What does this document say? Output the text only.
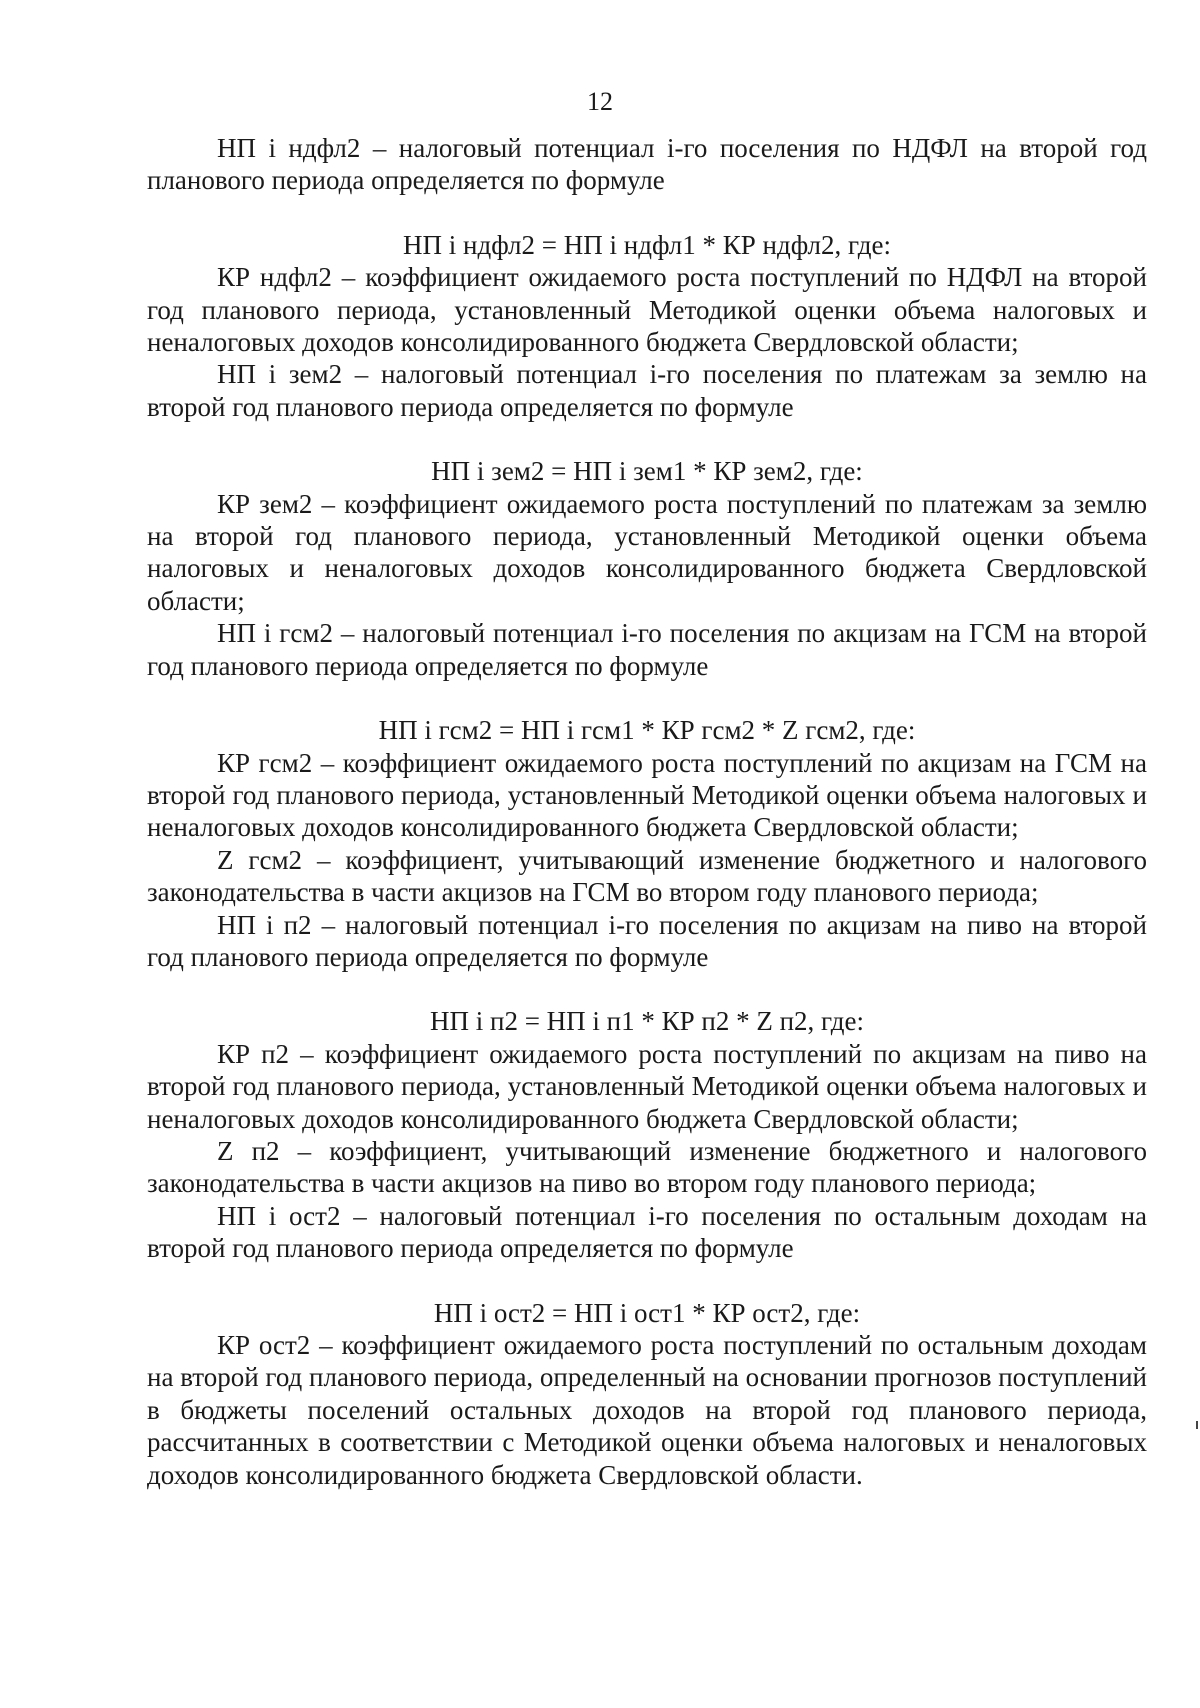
12

НП i ндфл2 – налоговый потенциал i-го поселения по НДФЛ на второй год планового периода определяется по формуле

НП i ндфл2 = НП i ндфл1 * КР ндфл2, где:

КР ндфл2 – коэффициент ожидаемого роста поступлений по НДФЛ на второй год планового периода, установленный Методикой оценки объема налоговых и неналоговых доходов консолидированного бюджета Свердловской области;

НП i зем2 – налоговый потенциал i-го поселения по платежам за землю на второй год планового периода определяется по формуле

НП i зем2 = НП i зем1 * КР зем2, где:

КР зем2 – коэффициент ожидаемого роста поступлений по платежам за землю на второй год планового периода, установленный Методикой оценки объема налоговых и неналоговых доходов консолидированного бюджета Свердловской области;

НП i гсм2 – налоговый потенциал i-го поселения по акцизам на ГСМ на второй год планового периода определяется по формуле

НП i гсм2 = НП i гсм1 * КР гсм2 * Z гсм2, где:

КР гсм2 – коэффициент ожидаемого роста поступлений по акцизам на ГСМ на второй год планового периода, установленный Методикой оценки объема налоговых и неналоговых доходов консолидированного бюджета Свердловской области;

Z гсм2 – коэффициент, учитывающий изменение бюджетного и налогового законодательства в части акцизов на ГСМ во втором году планового периода;

НП i п2 – налоговый потенциал i-го поселения по акцизам на пиво на второй год планового периода определяется по формуле

НП i п2 = НП i п1 * КР п2 * Z п2, где:

КР п2 – коэффициент ожидаемого роста поступлений по акцизам на пиво на второй год планового периода, установленный Методикой оценки объема налоговых и неналоговых доходов консолидированного бюджета Свердловской области;

Z п2 – коэффициент, учитывающий изменение бюджетного и налогового законодательства в части акцизов на пиво во втором году планового периода;

НП i ост2 – налоговый потенциал i-го поселения по остальным доходам на второй год планового периода определяется по формуле

НП i ост2 = НП i ост1 * КР ост2, где:

КР ост2 – коэффициент ожидаемого роста поступлений по остальным доходам на второй год планового периода, определенный на основании прогнозов поступлений в бюджеты поселений остальных доходов на второй год планового периода, рассчитанных в соответствии с Методикой оценки объема налоговых и неналоговых доходов консолидированного бюджета Свердловской области.
